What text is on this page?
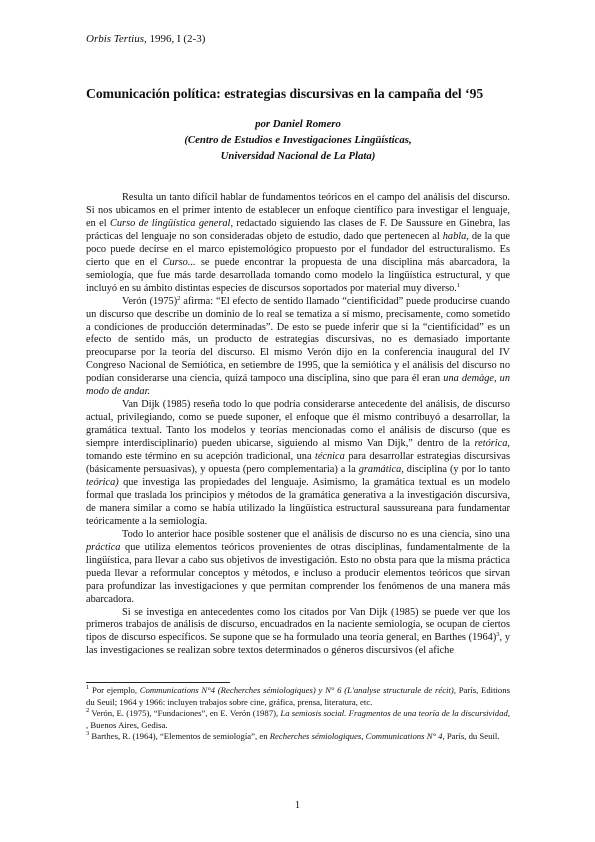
Orbis Tertius, 1996, I (2-3)
Comunicación política: estrategias discursivas en la campaña del ‘95
por Daniel Romero
(Centro de Estudios e Investigaciones Lingüísticas,
Universidad Nacional de La Plata)

Resulta un tanto difícil hablar de fundamentos teóricos en el campo del análisis del discurso. Si nos ubicamos en el primer intento de establecer un enfoque científico para investigar el lenguaje, en el Curso de lingüística general, redactado siguiendo las clases de F. De Saussure en Ginebra, las prácticas del lenguaje no son consideradas objeto de estudio, dado que pertenecen al habla, de la que poco puede decirse en el marco epistemológico propuesto por el fundador del estructuralismo. Es cierto que en el Curso... se puede encontrar la propuesta de una disciplina más abarcadora, la semiología, que fue más tarde desarrollada tomando como modelo la lingüística estructural, y que incluyó en su ámbito distintas especies de discursos soportados por material muy diverso.$^1$

Verón $(1975)^2$ afirma: “El efecto de sentido llamado “cientificidad” puede producirse cuando un discurso que describe un dominio de lo real se tematiza a sí mismo, precisamente, como sometido a condiciones de producción determinadas”. De esto se puede inferir que si la “cientifícidad” es un efecto de sentido más, un producto de estrategias discursivas, no es demasiado importante preocuparse por la teoría del discurso. El mismo Verón dijo en la conferencia inaugural del IV Congreso Nacional de Semiótica, en setiembre de 1995, que la semiótica y el análisis del discurso no podían considerarse una ciencia, quizá tampoco una disciplina, sino que para él eran una demàge, un modo de andar.

Van Dijk (1985) reseña todo lo que podría considerarse antecedente del análisis, de discurso actual, privilegiando, como se puede suponer, el enfoque que él mismo contribuyó a desarrollar, la gramática textual. Tanto los modelos y teorías mencionadas como el análisis de discurso (que es siempre interdisciplinario) pueden ubicarse, siguiendo al mismo Van Dijk,” dentro de la retórica, tomando este término en su acepción tradicional, una técnica para desarrollar estrategias discursivas (básicamente persuasivas), y opuesta (pero complementaria) a la gramática, disciplina (y por lo tanto teórica) que investiga las propiedades del lenguaje. Asimismo, la gramática textual es un modelo formal que traslada los principios y métodos de la gramática generativa a la investigación discursiva, de manera similar a como se había utilizado la lingüística estructural saussureana para fundamentar teóricamente a la semiología.

Todo lo anterior hace posible sostener que el análisis de discurso no es una ciencia, sino una práctica que utiliza elementos teóricos provenientes de otras disciplinas, fundamentalmente de la lingüística, para llevar a cabo sus objetivos de investigación. Esto no obsta para que la misma práctica pueda llevar a reformular conceptos y métodos, e incluso a producir elementos teóricos que sirvan para profundizar las investigaciones y que permitan comprender los fenómenos de una manera más abarcadora.

Si se investiga en antecedentes como los citados por Van Dijk (1985) se puede ver que los primeros trabajos de análisis de discurso, encuadrados en la naciente semiología, se ocupan de ciertos tipos de discurso específicos. Se supone que se ha formulado una teoría general, en Barthes $(1964)^3$, y las investigaciones se realizan sobre textos determinados o géneros discursivos (el afiche

$^1$ Por ejemplo, Communications N°4 (Recherches sémiologiques) y N° 6 (L'analyse structurale de récit), París, Editions du Seuil; 1964 y 1966: incluyen trabajos sobre cine, gráfica, prensa, literatura, etc.

$^2$ Verón, E. (1975), “Fundaciones”, en E. Verón (1987), La semiosis social. Fragmentos de una teoría de la discursividad, , Buenos Aires, Gedisa.

$^3$ Barthes, R. (1964), “Elementos de semiología”, en Recherches sémiologiques, Communications N° 4, París, du Seuil.

1
